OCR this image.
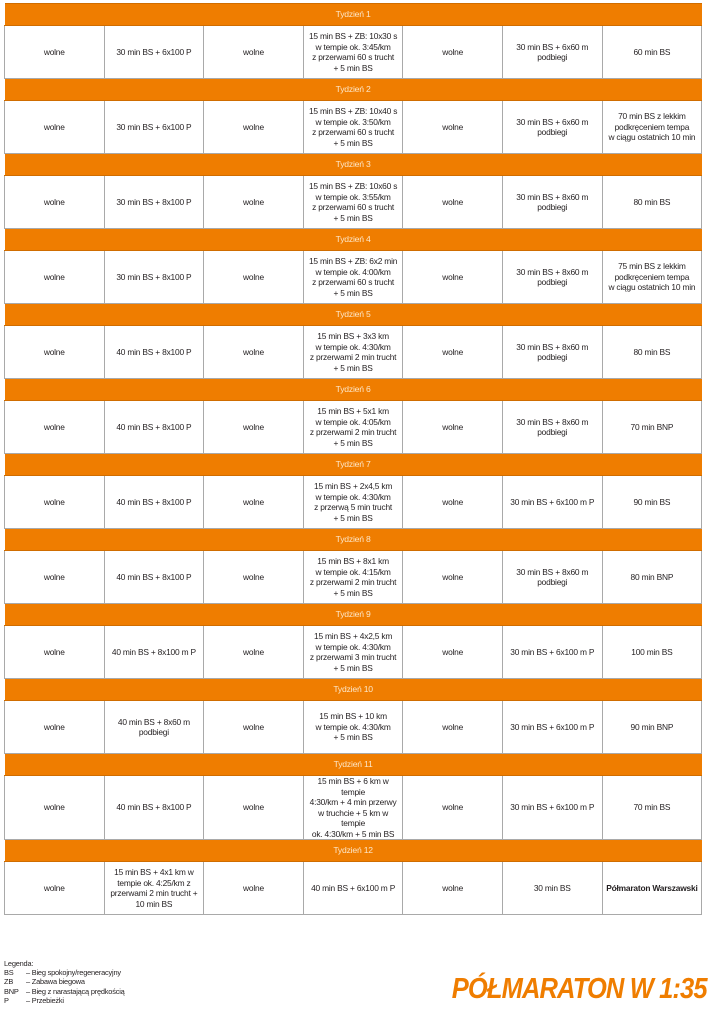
Tydzień 1						
wolne	30 min BS + 6x100 P	wolne	15 min BS + ZB: 10x30 s
w tempie ok. 3:45/km
z przerwami 60 s trucht
+ 5 min BS	wolne	30 min BS + 6x60 m
podbiegi	60 min BS
Tydzień 2						
wolne	30 min BS + 6x100 P	wolne	15 min BS + ZB: 10x40 s
w tempie ok. 3:50/km
z przerwami 60 s trucht
+ 5 min BS	wolne	30 min BS + 6x60 m
podbiegi	70 min BS z lekkim
podkręceniem tempa
w ciągu ostatnich 10 min
Tydzień 3						
wolne	30 min BS + 8x100 P	wolne	15 min BS + ZB: 10x60 s
w tempie ok. 3:55/km
z przerwami 60 s trucht
+ 5 min BS	wolne	30 min BS + 8x60 m
podbiegi	80 min BS
Tydzień 4						
wolne	30 min BS + 8x100 P	wolne	15 min BS + ZB: 6x2 min
w tempie ok. 4:00/km
z przerwami 60 s trucht
+ 5 min BS	wolne	30 min BS + 8x60 m
podbiegi	75 min BS z lekkim
podkręceniem tempa
w ciągu ostatnich 10 min
Tydzień 5						
wolne	40 min BS + 8x100 P	wolne	15 min BS + 3x3 km
w tempie ok. 4:30/km
z przerwami 2 min trucht
+ 5 min BS	wolne	30 min BS + 8x60 m
podbiegi	80 min BS
Tydzień 6						
wolne	40 min BS + 8x100 P	wolne	15 min BS + 5x1 km
w tempie ok. 4:05/km
z przerwami 2 min trucht
+ 5 min BS	wolne	30 min BS + 8x60 m
podbiegi	70 min BNP
Tydzień 7						
wolne	40 min BS + 8x100 P	wolne	15 min BS + 2x4,5 km
w tempie ok. 4:30/km
z przerwą 5 min trucht
+ 5 min BS	wolne	30 min BS + 6x100 m P	90 min BS
Tydzień 8						
wolne	40 min BS + 8x100 P	wolne	15 min BS + 8x1 km
w tempie ok. 4:15/km
z przerwami 2 min trucht
+ 5 min BS	wolne	30 min BS + 8x60 m
podbiegi	80 min BNP
Tydzień 9						
wolne	40 min BS + 8x100 m P	wolne	15 min BS + 4x2,5 km
w tempie ok. 4:30/km
z przerwami 3 min trucht
+ 5 min BS	wolne	30 min BS + 6x100 m P	100 min BS
Tydzień 10						
wolne	40 min BS + 8x60 m
podbiegi	wolne	15 min BS + 10 km
w tempie ok. 4:30/km
+ 5 min BS	wolne	30 min BS + 6x100 m P	90 min BNP
Tydzień 11						
wolne	40 min BS + 8x100 P	wolne	15 min BS + 6 km w tempie
4:30/km + 4 min przerwy
w truchcie + 5 km w tempie
ok. 4:30/km + 5 min BS	wolne	30 min BS + 6x100 m P	70 min BS
Tydzień 12						
wolne	15 min BS + 4x1 km w
tempie ok. 4:25/km z
przerwami 2 min trucht +
10 min BS	wolne	40 min BS + 6x100 m P	wolne	30 min BS	Półmaraton Warszawski
Legenda:
BS	– Bieg spokojny/regeneracyjny
ZB	– Zabawa biegowa
BNP – Bieg z narastającą prędkością
P	– Przebieżki	PÓŁMARATON W 1:35
